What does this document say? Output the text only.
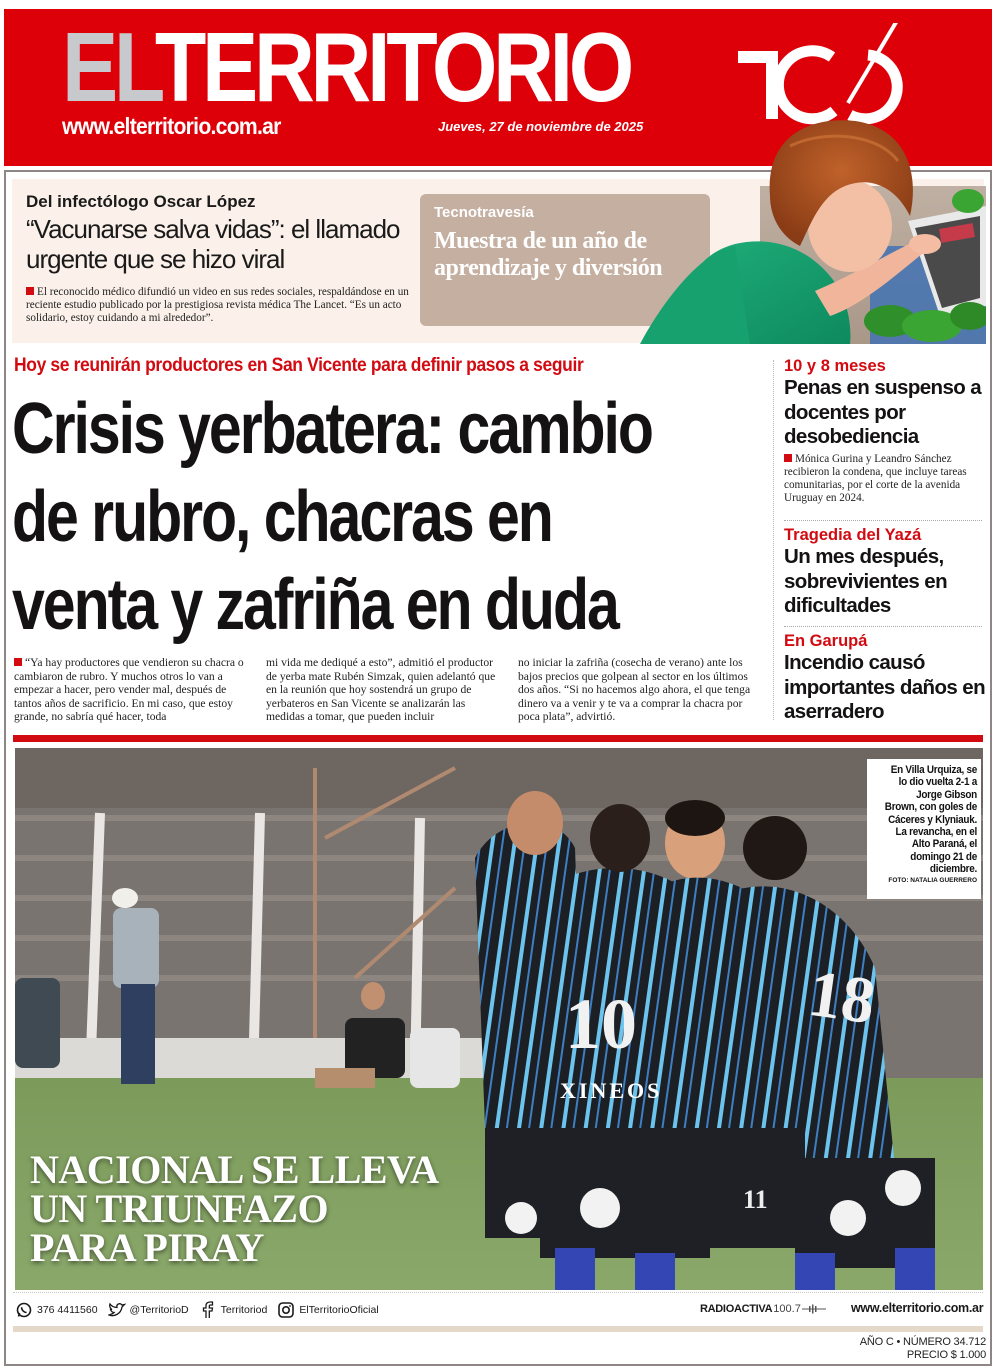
ELTERRITORIO
www.elterritorio.com.ar	Jueves, 27 de noviembre de 2025
Del infectólogo Oscar López
“Vacunarse salva vidas”: el llamado urgente que se hizo viral

El reconocido médico difundió un video en sus redes sociales, respaldándose en un reciente estudio publicado por la prestigiosa revista médica The Lancet. “Es un acto solidario, estoy cuidando a mi alrededor”.

Tecnotravesía
Muestra de un año de aprendizaje y diversión
Hoy se reunirán productores en San Vicente para definir pasos a seguir
Crisis yerbatera: cambio
de rubro, chacras en
venta y zafriña en duda

“Ya hay productores que vendieron su chacra o cambiaron de rubro. Y muchos otros lo van a empezar a hacer, pero vender mal, después de tantos años de sacrificio. En mi caso, que estoy grande, no sabría qué hacer, toda

mi vida me dediqué a esto”, admitió el productor de yerba mate Rubén Simzak, quien adelantó que en la reunión que hoy sostendrá un grupo de yerbateros en San Vicente se analizarán las medidas a tomar, que pueden incluir

no iniciar la zafriña (cosecha de verano) ante los bajos precios que golpean al sector en los últimos dos años. “Si no hacemos algo ahora, el que tenga dinero va a venir y te va a comprar la chacra por poca plata”, advirtió.

10 y 8 meses
Penas en suspenso a docentes por desobediencia

Mónica Gurina y Leandro Sánchez recibieron la condena, que incluye tareas comunitarias, por el corte de la avenida Uruguay en 2024.

Tragedia del Yazá
Un mes después, sobrevivientes en dificultades
En Garupá
Incendio causó importantes daños en aserradero
10	18
11
XINEOS
NACIONAL SE LLEVA
UN TRIUNFAZO
PARA PIRAY
En Villa Urquiza, se lo dio vuelta 2-1 a Jorge Gibson Brown, con goles de Cáceres y Klyniauk. La revancha, en el Alto Paraná, el domingo 21 de diciembre.
FOTO: NATALIA GUERRERO
376 4411560	@TerritorioD	Territoriod	ElTerritorioOficial	RADIOACTIVA 100.7	www.elterritorio.com.ar
AÑO C • NÚMERO 34.712
PRECIO $ 1.000
